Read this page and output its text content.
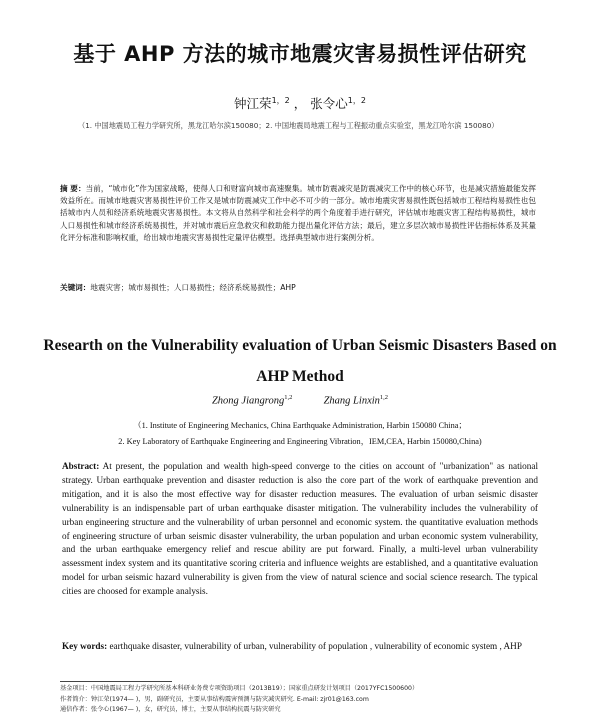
基于 AHP 方法的城市地震灾害易损性评估研究
钟江荣$^{1,2}$ ， 张令心$^{1,2}$
（1. 中国地震局工程力学研究所，黑龙江哈尔滨150080；2. 中国地震局地震工程与工程振动重点实验室，黑龙江哈尔滨 150080）
摘 要：当前，“城市化”作为国家战略，使得人口和财富向城市高速聚集。城市防震减灾是防震减灾工作中的核心环节，也是减灾措施最能发挥效益所在。而城市地震灾害易损性评价工作又是城市防震减灾工作中必不可少的一部分。城市地震灾害易损性既包括城市工程结构易损性也包括城市内人员和经济系统地震灾害易损性。本文将从自然科学和社会科学的两个角度着手进行研究，评估城市地震灾害工程结构易损性，城市人口易损性和城市经济系统易损性，并对城市震后应急救灾和救助能力提出量化评估方法；最后，建立多层次城市易损性评估指标体系及其量化评分标准和影响权重，给出城市地震灾害易损性定量评估模型。选择典型城市进行案例分析。
关键词：地震灾害；城市易损性；人口易损性；经济系统易损性；AHP
Researth on the Vulnerability evaluation of Urban Seismic Disasters Based on AHP Method
Zhong Jiangrong$^{1,2}$	Zhang Linxin$^{1,2}$
（1. Institute of Engineering Mechanics, China Earthquake Administration, Harbin 150080 China；
2. Key Laboratory of Earthquake Engineering and Engineering Vibration，IEM,CEA, Harbin 150080,China)
Abstract: At present, the population and wealth high-speed converge to the cities on account of "urbanization" as national strategy. Urban earthquake prevention and disaster reduction is also the core part of the work of earthquake prevention and mitigation, and it is also the most effective way for disaster reduction measures. The evaluation of urban seismic disaster vulnerability is an indispensable part of urban earthquake disaster mitigation. The vulnerability includes the vulnerability of urban engineering structure and the vulnerability of urban personnel and economic system. the quantitative evaluation methods of engineering structure of urban seismic disaster vulnerability, the urban population and urban economic system vulnerability, and the urban earthquake emergency relief and rescue ability are put forward. Finally, a multi-level urban vulnerability assessment index system and its quantitative scoring criteria and influence weights are established, and a quantitative evaluation model for urban seismic hazard vulnerability is given from the view of natural science and social science research. The typical cities are choosed for example analysis.
Key words: earthquake disaster, vulnerability of urban, vulnerability of population , vulnerability of economic system , AHP
基金项目：中国地震局工程力学研究所基本科研业务费专项资助项目（2013B19）；国家重点研发计划项目（2017YFC1500600）
作者简介：钟江荣(1974— )，男，副研究员，主要从事结构震害预测与防灾减灾研究. E-mail: zjr01@163.com
通信作者：张令心(1967— )，女，研究员，博士，主要从事结构抗震与防灾研究
